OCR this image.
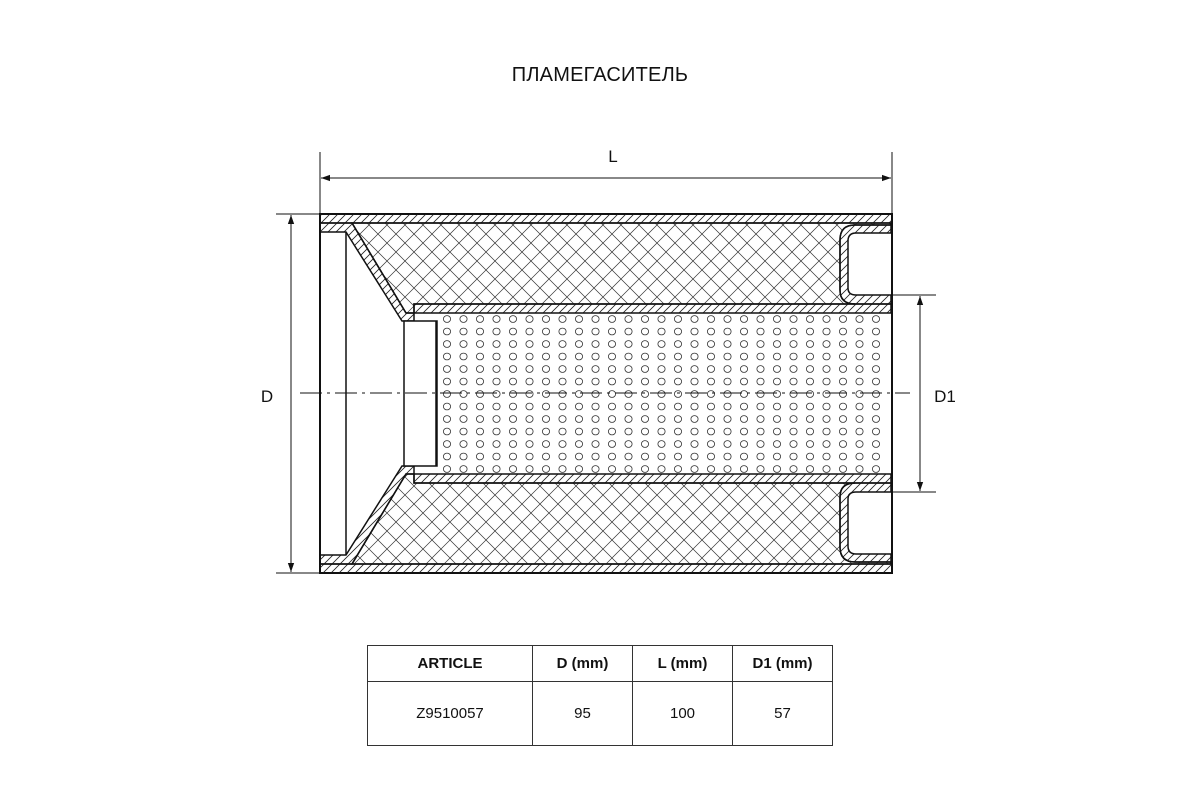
ПЛАМЕГАСИТЕЛЬ
L
D	D1
ARTICLE	D (mm)	L (mm)	D1 (mm)
Z9510057	95	100	57
